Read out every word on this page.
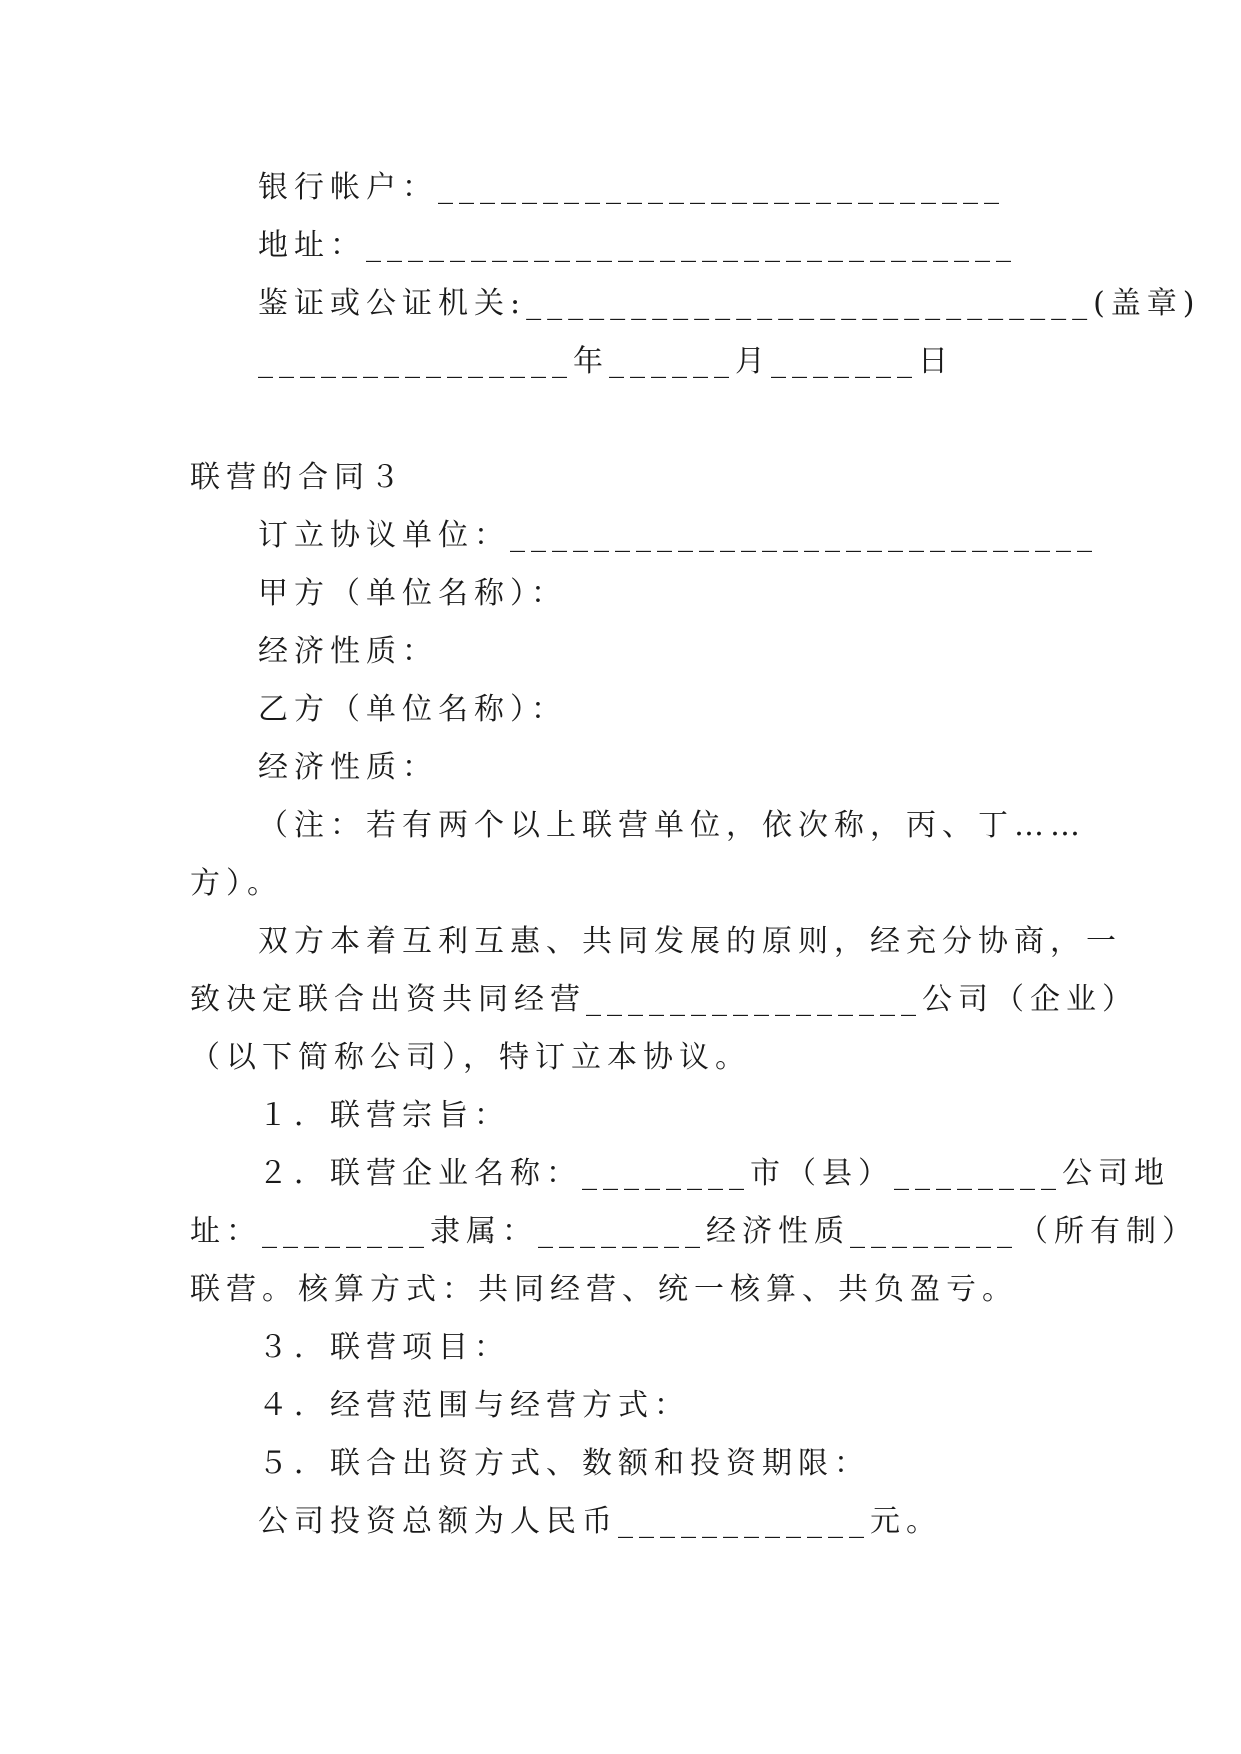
银行帐户：___________________________
地址：_______________________________
鉴证或公证机关:___________________________(盖章)
_______________年______月_______日
联营的合同３
订立协议单位：____________________________
甲方（单位名称）：
经济性质：
乙方（单位名称）：
经济性质：
（注：若有两个以上联营单位，依次称，丙、丁……
方）。
双方本着互利互惠、共同发展的原则，经充分协商，一
致决定联合出资共同经营________________公司（企业）
（以下简称公司），特订立本协议。
１．联营宗旨：
２．联营企业名称：________市（县）________公司地
址：________隶属：________经济性质________（所有制）
联营。核算方式：共同经营、统一核算、共负盈亏。
３．联营项目：
４．经营范围与经营方式：
５．联合出资方式、数额和投资期限：
公司投资总额为人民币____________元。
